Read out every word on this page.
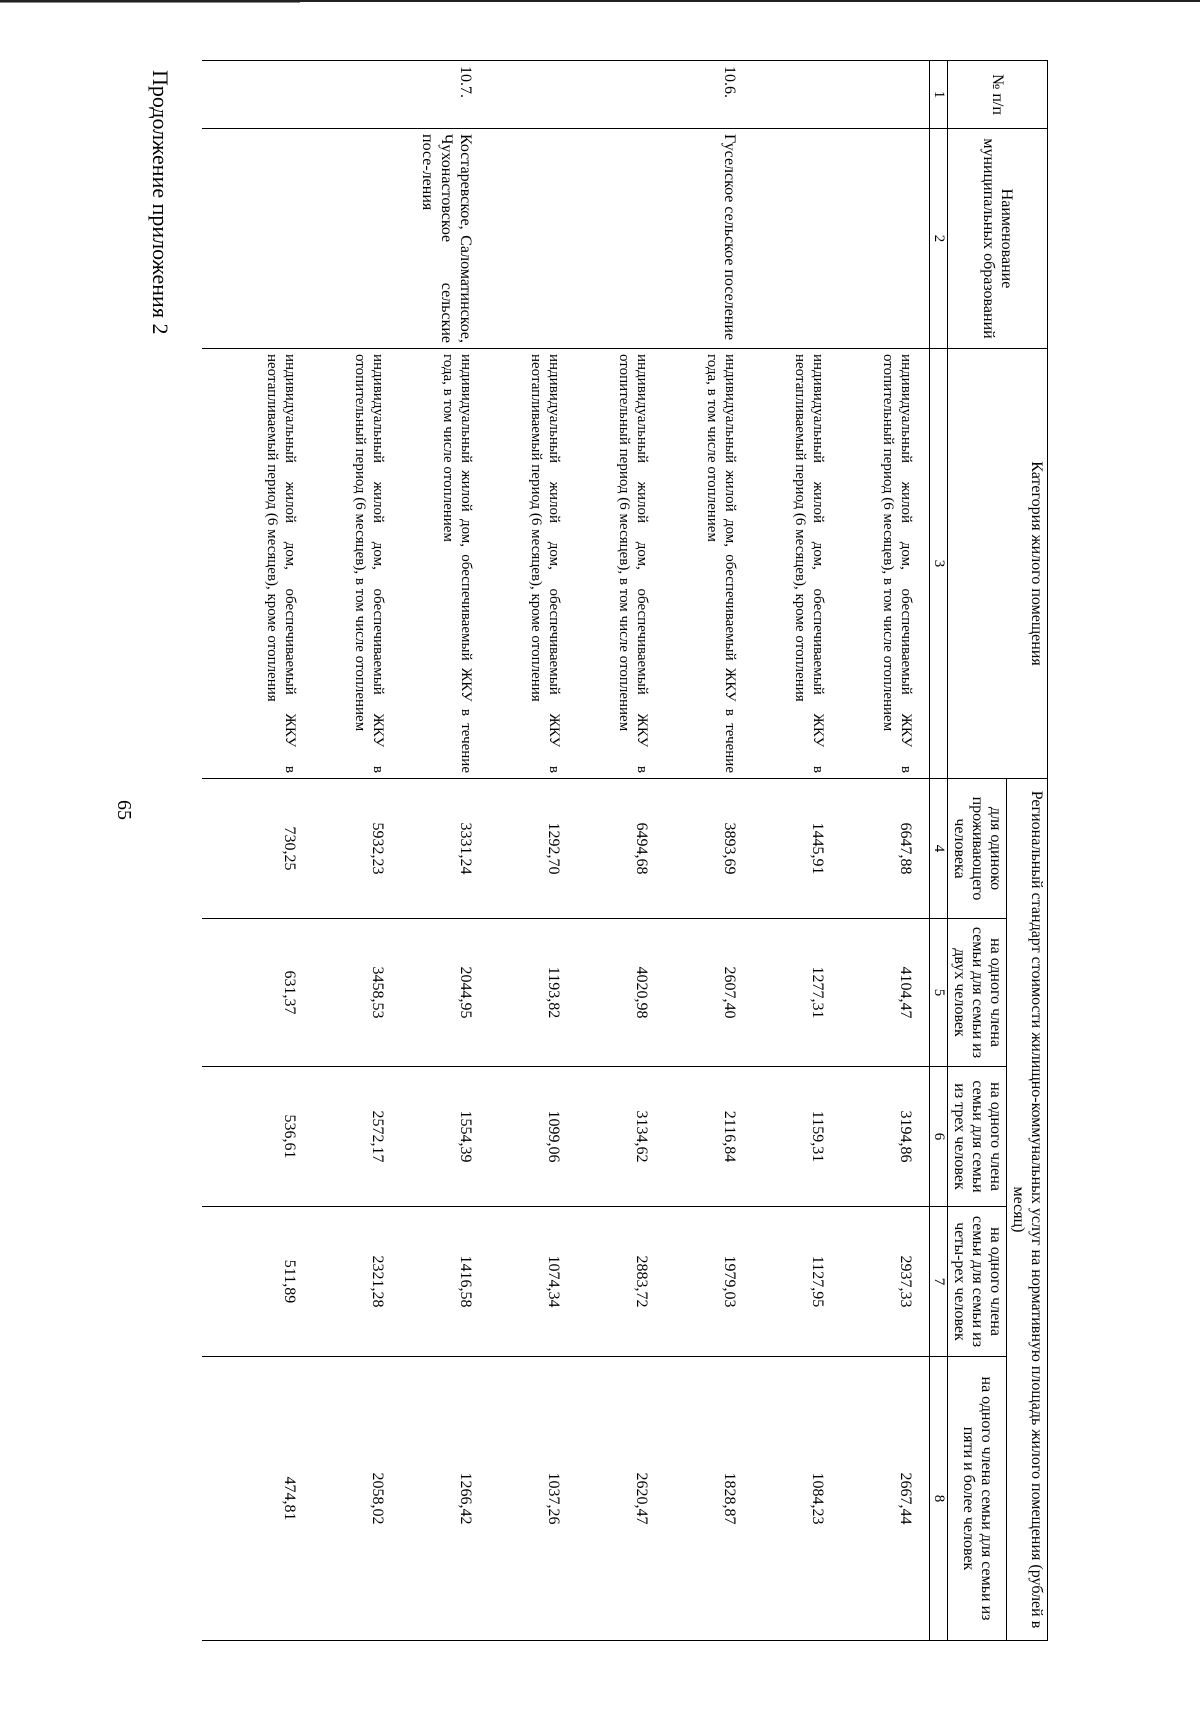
65
№ п/п	Наименование муниципальных образований	Категория жилого помещения	Региональный стандарт стоимости жилищно-коммунальных услуг на нормативную площадь жилого помещения (рублей в месяц)				
			для одиноко проживающего человека	на одного члена семьи для семьи из двух человек	на одного члена семьи для семьи из трех человек	на одного члена семьи для семьи из четы-рех человек	на одного члена семьи для семьи из пяти и более человек
1	2	3	4	5	6	7	8
		индивидуальный жилой дом, обеспечиваемый ЖКУ в отопительный период (6 месяцев), в том числе отоплением	6647,88	4104,47	3194,86	2937,33	2667,44
		индивидуальный жилой дом, обеспечиваемый ЖКУ в неотапливаемый период (6 месяцев), кроме отопления	1445,91	1277,31	1159,31	1127,95	1084,23
10.6.	Гуселское сельское поселение	индивидуальный жилой дом, обеспечиваемый ЖКУ в течение года, в том числе отоплением	3893,69	2607,40	2116,84	1979,03	1828,87
		индивидуальный жилой дом, обеспечиваемый ЖКУ в отопительный период (6 месяцев), в том числе отоплением	6494,68	4020,98	3134,62	2883,72	2620,47
		индивидуальный жилой дом, обеспечиваемый ЖКУ в неотапливаемый период (6 месяцев), кроме отопления	1292,70	1193,82	1099,06	1074,34	1037,26
10.7.	Костаревское, Саломатинское, Чухонастовское сельские посе-ления	индивидуальный жилой дом, обеспечиваемый ЖКУ в течение года, в том числе отоплением	3331,24	2044,95	1554,39	1416,58	1266,42
		индивидуальный жилой дом, обеспечиваемый ЖКУ в отопительный период (6 месяцев), в том числе отоплением	5932,23	3458,53	2572,17	2321,28	2058,02
		индивидуальный жилой дом, обеспечиваемый ЖКУ в неотапливаемый период (6 месяцев), кроме отопления	730,25	631,37	536,61	511,89	474,81
Продолжение приложения 2
